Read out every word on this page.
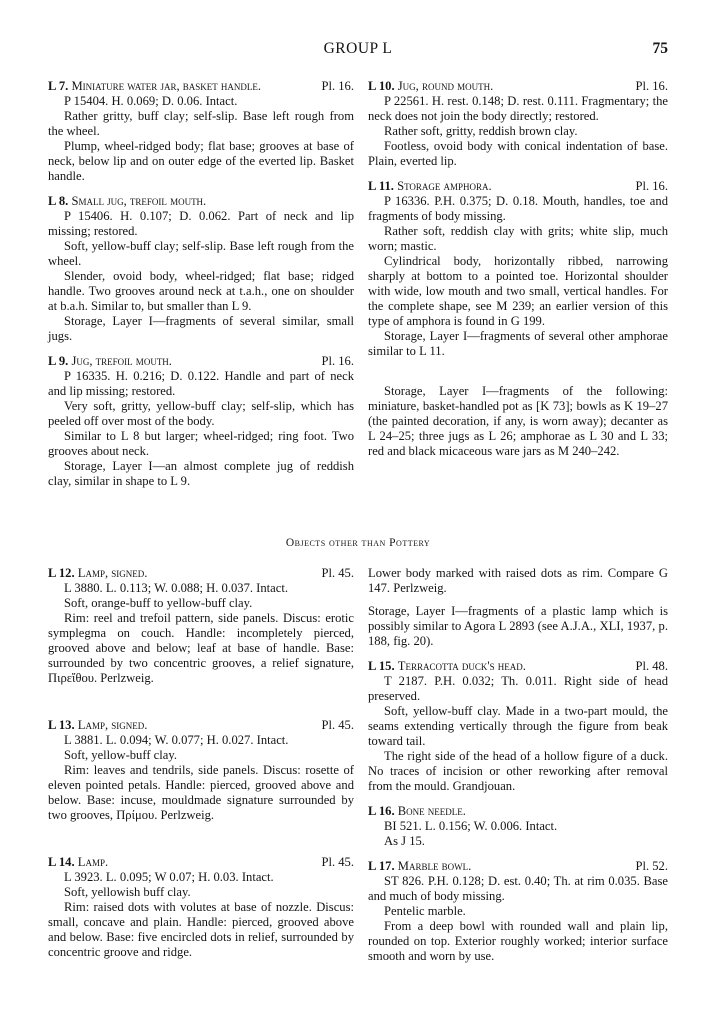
GROUP L	75
L 7. Miniature water jar, basket handle.	Pl. 16.

P 15404. H. 0.069; D. 0.06. Intact.

Rather gritty, buff clay; self-slip. Base left rough from the wheel.

Plump, wheel-ridged body; flat base; grooves at base of neck, below lip and on outer edge of the everted lip. Basket handle.

L 8. Small jug, trefoil mouth.

P 15406. H. 0.107; D. 0.062. Part of neck and lip missing; restored.

Soft, yellow-buff clay; self-slip. Base left rough from the wheel.

Slender, ovoid body, wheel-ridged; flat base; ridged handle. Two grooves around neck at t.a.h., one on shoulder at b.a.h. Similar to, but smaller than L 9.

Storage, Layer I—fragments of several similar, small jugs.

L 9. Jug, trefoil mouth.	Pl. 16.

P 16335. H. 0.216; D. 0.122. Handle and part of neck and lip missing; restored.

Very soft, gritty, yellow-buff clay; self-slip, which has peeled off over most of the body.

Similar to L 8 but larger; wheel-ridged; ring foot. Two grooves about neck.

Storage, Layer I—an almost complete jug of reddish clay, similar in shape to L 9.

L 10. Jug, round mouth.	Pl. 16.

P 22561. H. rest. 0.148; D. rest. 0.111. Fragmentary; the neck does not join the body directly; restored.

Rather soft, gritty, reddish brown clay.

Footless, ovoid body with conical indentation of base. Plain, everted lip.

L 11. Storage amphora.	Pl. 16.

P 16336. P.H. 0.375; D. 0.18. Mouth, handles, toe and fragments of body missing.

Rather soft, reddish clay with grits; white slip, much worn; mastic.

Cylindrical body, horizontally ribbed, narrowing sharply at bottom to a pointed toe. Horizontal shoulder with wide, low mouth and two small, vertical handles. For the complete shape, see M 239; an earlier version of this type of amphora is found in G 199.

Storage, Layer I—fragments of several other amphorae similar to L 11.

Storage, Layer I—fragments of the following: miniature, basket-handled pot as [K 73]; bowls as K 19–27 (the painted decoration, if any, is worn away); decanter as L 24–25; three jugs as L 26; amphorae as L 30 and L 33; red and black micaceous ware jars as M 240–242.

Objects other than Pottery
L 12. Lamp, signed.	Pl. 45.

L 3880. L. 0.113; W. 0.088; H. 0.037. Intact.

Soft, orange-buff to yellow-buff clay.

Rim: reel and trefoil pattern, side panels. Discus: erotic symplegma on couch. Handle: incompletely pierced, grooved above and below; leaf at base of handle. Base: surrounded by two concentric grooves, a relief signature, Πιρεἴθου. Perlzweig.

L 13. Lamp, signed.	Pl. 45.

L 3881. L. 0.094; W. 0.077; H. 0.027. Intact.

Soft, yellow-buff clay.

Rim: leaves and tendrils, side panels. Discus: rosette of eleven pointed petals. Handle: pierced, grooved above and below. Base: incuse, mouldmade signature surrounded by two grooves, Πρίμου. Perlzweig.

L 14. Lamp.	Pl. 45.

L 3923. L. 0.095; W 0.07; H. 0.03. Intact.

Soft, yellowish buff clay.

Rim: raised dots with volutes at base of nozzle. Discus: small, concave and plain. Handle: pierced, grooved above and below. Base: five encircled dots in relief, surrounded by concentric groove and ridge.

Lower body marked with raised dots as rim. Compare G 147. Perlzweig.

Storage, Layer I—fragments of a plastic lamp which is possibly similar to Agora L 2893 (see A.J.A., XLI, 1937, p. 188, fig. 20).

L 15. Terracotta duck's head.	Pl. 48.

T 2187. P.H. 0.032; Th. 0.011. Right side of head preserved.

Soft, yellow-buff clay. Made in a two-part mould, the seams extending vertically through the figure from beak toward tail.

The right side of the head of a hollow figure of a duck. No traces of incision or other reworking after removal from the mould. Grandjouan.

L 16. Bone needle.

BI 521. L. 0.156; W. 0.006. Intact.

As J 15.

L 17. Marble bowl.	Pl. 52.

ST 826. P.H. 0.128; D. est. 0.40; Th. at rim 0.035. Base and much of body missing.

Pentelic marble.

From a deep bowl with rounded wall and plain lip, rounded on top. Exterior roughly worked; interior surface smooth and worn by use.
